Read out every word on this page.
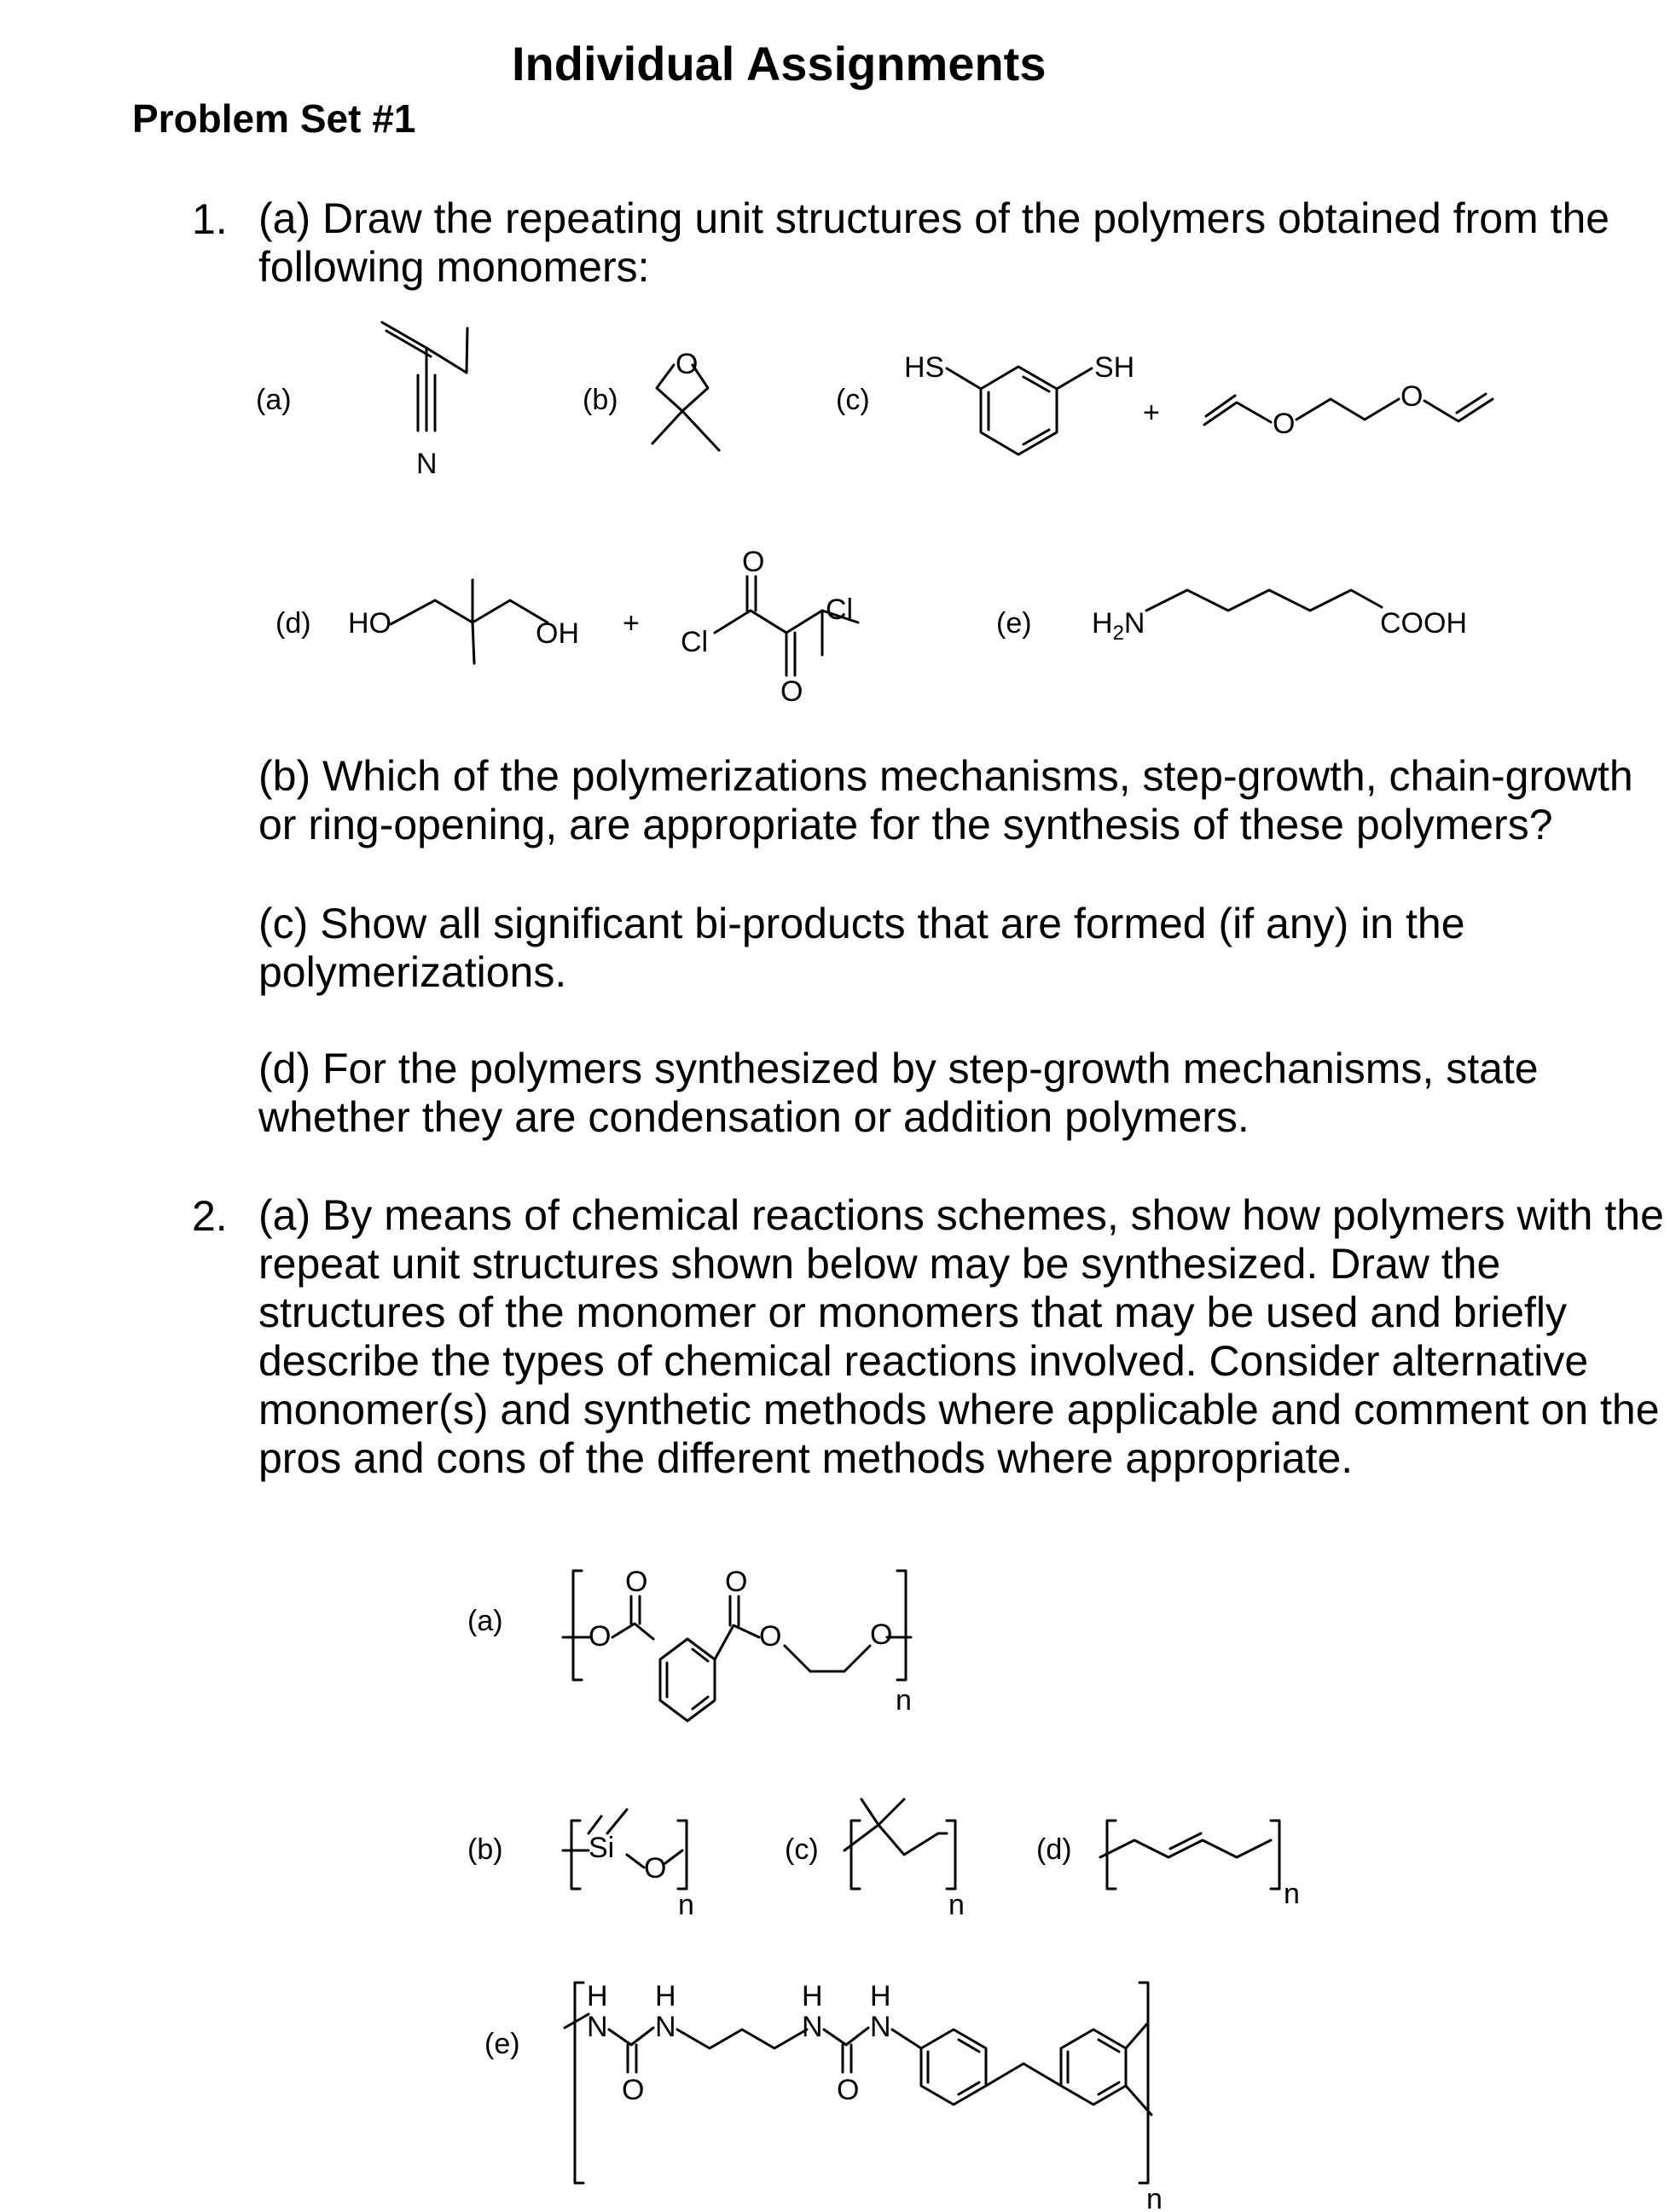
Individual Assignments
Problem Set #1
1. (a) Draw the repeating unit structures of the polymers obtained from the
following monomers:
(b) Which of the polymerizations mechanisms, step-growth, chain-growth
or ring-opening, are appropriate for the synthesis of these polymers?
(c) Show all significant bi-products that are formed (if any) in the
polymerizations.
(d) For the polymers synthesized by step-growth mechanisms, state
whether they are condensation or addition polymers.
2. (a) By means of chemical reactions schemes, show how polymers with the
repeat unit structures shown below may be synthesized. Draw the
structures of the monomer or monomers that may be used and briefly
describe the types of chemical reactions involved. Consider alternative
monomer(s) and synthetic methods where applicable and comment on the
pros and cons of the different methods where appropriate.
(a)
N
(b)
O
(c)
HS	SH
+	O
O
(d) HO	OH +
Cl
O
O
Cl	(e) $H_2N$	COOH
(a)	O
O	O
O	O
n
(b)	Si
O
n
(c)
n
(d)
n
(e)
H
N
O
H
N
H
N
O
H
N
n
